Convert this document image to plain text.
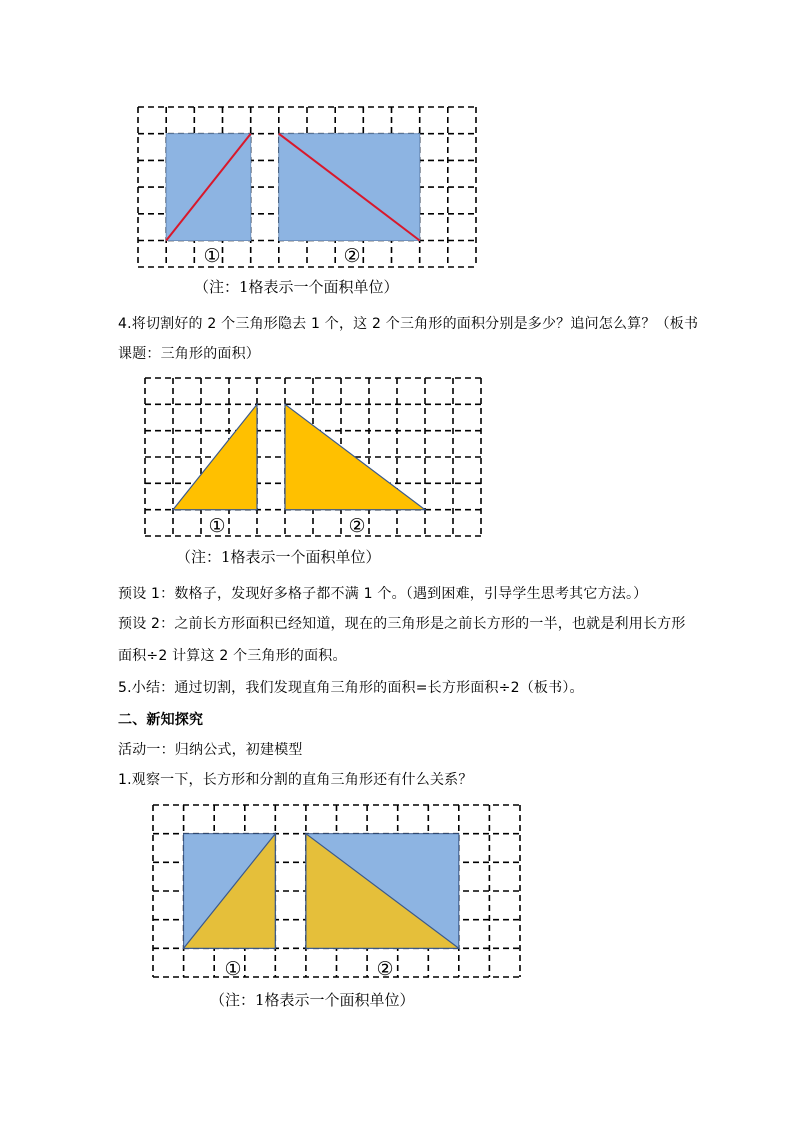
①	②
（注：1格表示一个面积单位）
4.将切割好的 2 个三角形隐去 1 个，这 2 个三角形的面积分别是多少？追问怎么算？（板书
课题：三角形的面积）
①	②
（注：1格表示一个面积单位）
预设 1：数格子，发现好多格子都不满 1 个。（遇到困难，引导学生思考其它方法。）
预设 2：之前长方形面积已经知道，现在的三角形是之前长方形的一半，也就是利用长方形
面积÷2 计算这 2 个三角形的面积。
5.小结：通过切割，我们发现直角三角形的面积=长方形面积÷2（板书）。
二、新知探究
活动一：归纳公式，初建模型
1.观察一下，长方形和分割的直角三角形还有什么关系？
①	②
（注：1格表示一个面积单位）
